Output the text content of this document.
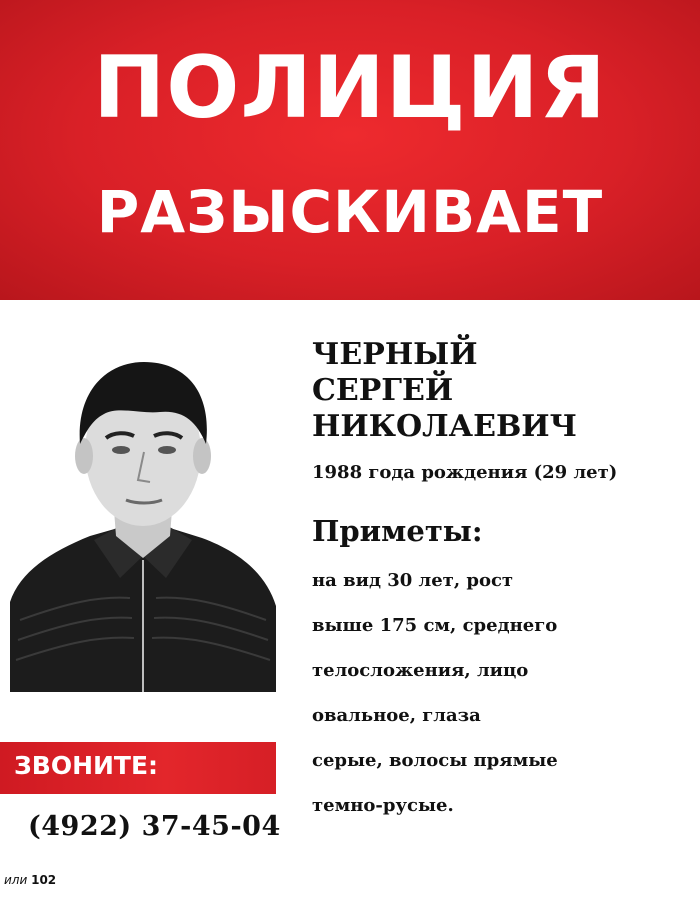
ПОЛИЦИЯ
РАЗЫСКИВАЕТ
ЧЕРНЫЙ
СЕРГЕЙ
НИКОЛАЕВИЧ
1988 года рождения (29 лет)
Приметы:
на вид 30 лет, рост
выше 175 см, среднего
телосложения, лицо
овальное, глаза
серые, волосы прямые
темно-русые.
ЗВОНИТЕ:
(4922) 37-45-04
или 102
